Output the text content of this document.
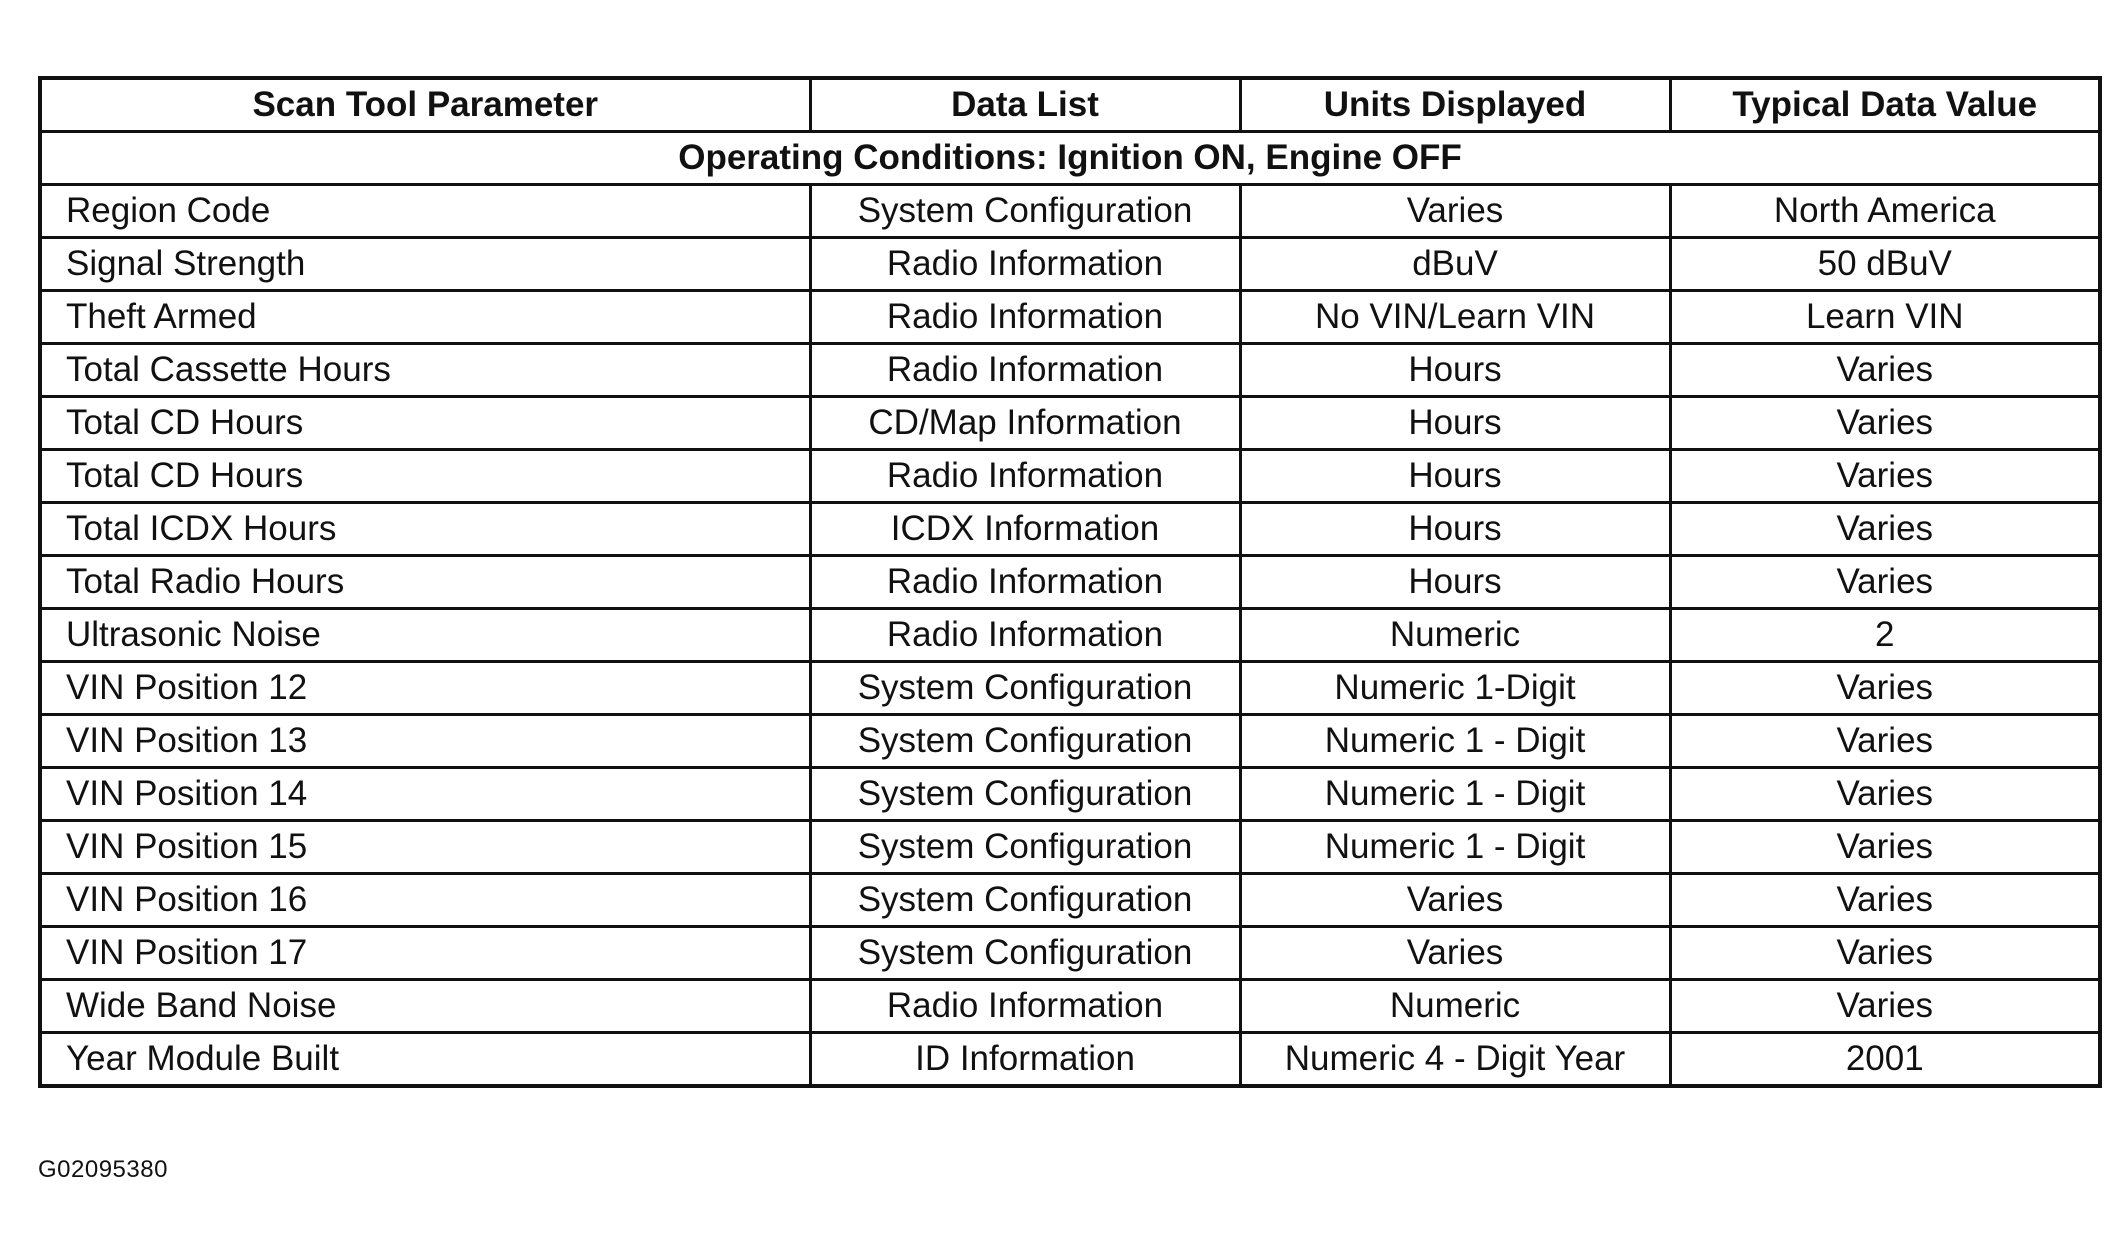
Scan Tool Parameter	Data List	Units Displayed	Typical Data Value
Operating Conditions: Ignition ON, Engine OFF			
Region Code	System Configuration	Varies	North America
Signal Strength	Radio Information	dBuV	50 dBuV
Theft Armed	Radio Information	No VIN/Learn VIN	Learn VIN
Total Cassette Hours	Radio Information	Hours	Varies
Total CD Hours	CD/Map Information	Hours	Varies
Total CD Hours	Radio Information	Hours	Varies
Total ICDX Hours	ICDX Information	Hours	Varies
Total Radio Hours	Radio Information	Hours	Varies
Ultrasonic Noise	Radio Information	Numeric	2
VIN Position 12	System Configuration	Numeric 1-Digit	Varies
VIN Position 13	System Configuration	Numeric 1 - Digit	Varies
VIN Position 14	System Configuration	Numeric 1 - Digit	Varies
VIN Position 15	System Configuration	Numeric 1 - Digit	Varies
VIN Position 16	System Configuration	Varies	Varies
VIN Position 17	System Configuration	Varies	Varies
Wide Band Noise	Radio Information	Numeric	Varies
Year Module Built	ID Information	Numeric 4 - Digit Year	2001
G02095380
